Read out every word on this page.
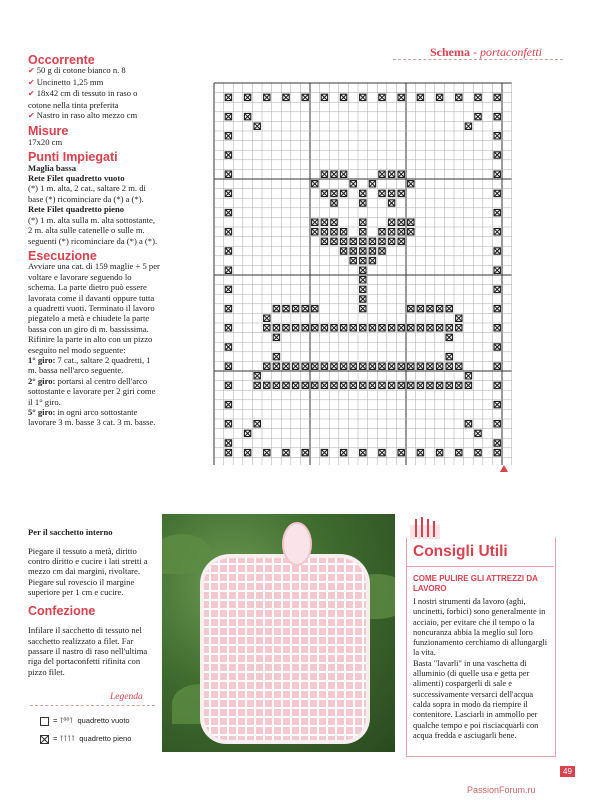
Schema - portaconfetti
Occorrente

✔ 50 g di cotone bianco n. 8

✔ Uncinetto 1,25 mm

✔ 18x42 cm di tessuto in raso o cotone nella tinta preferita

✔ Nastro in raso alto mezzo cm

Misure

17x20 cm

Punti Impiegati

Maglia bassa

Rete Filet quadretto vuoto

(*) 1 m. alta, 2 cat., saltare 2 m. di base (*) ricominciare da (*) a (*).

Rete Filet quadretto pieno

(*) 1 m. alta sulla m. alta sottostante, 2 m. alta sulle catenelle o sulle m. seguenti (*) ricominciare da (*) a (*).

Esecuzione

Avviare una cat. di 159 maglie + 5 per voltare e lavorare seguendo lo schema. La parte dietro può essere lavorata come il davanti oppure tutta a quadretti vuoti. Terminato il lavoro piegatelo a metà e chiudete la parte bassa con un giro di m. bassissima. Rifinire la parte in alto con un pizzo eseguito nel modo seguente:

1° giro: 7 cat., saltare 2 quadretti, 1 m. bassa nell'arco seguente.

2° giro: portarsi al centro dell'arco sottostante e lavorare per 2 giri come il 1° giro.

5° giro: in ogni arco sottostante lavorare 3 m. basse 3 cat. 3 m. basse.

Per il sacchetto interno

Piegare il tessuto a metà, diritto contro diritto e cucire i lati stretti a mezzo cm dai margini, rivoltare. Piegare sul rovescio il margine superiore per 1 cm e cucire.

Confezione

Infilare il sacchetto di tessuto nel sacchetto realizzato a filet. Far passare il nastro di raso nell'ultima riga del portaconfetti rifinita con pizzo filet.

Legenda
= ⊺⁰⁰⊺ quadretto vuoto
= ⊺⊺⊺⊺ quadretto pieno
Consigli Utili
COME PULIRE GLI ATTREZZI DA LAVORO

I nostri strumenti da lavoro (aghi, uncinetti, forbici) sono generalmente in acciaio, per evitare che il tempo o la noncuranza abbia la meglio sul loro funzionamento cerchiamo di allungargli la vita.

Basta "lavarli" in una vaschetta di alluminio (di quelle usa e getta per alimenti) cospargerli di sale e successivamente versarci dell'acqua calda sopra in modo da riempire il contenitore. Lasciarli in ammollo per qualche tempo e poi risciacquarli con acqua fredda e asciugarli bene.

49
PassionForum.ru
